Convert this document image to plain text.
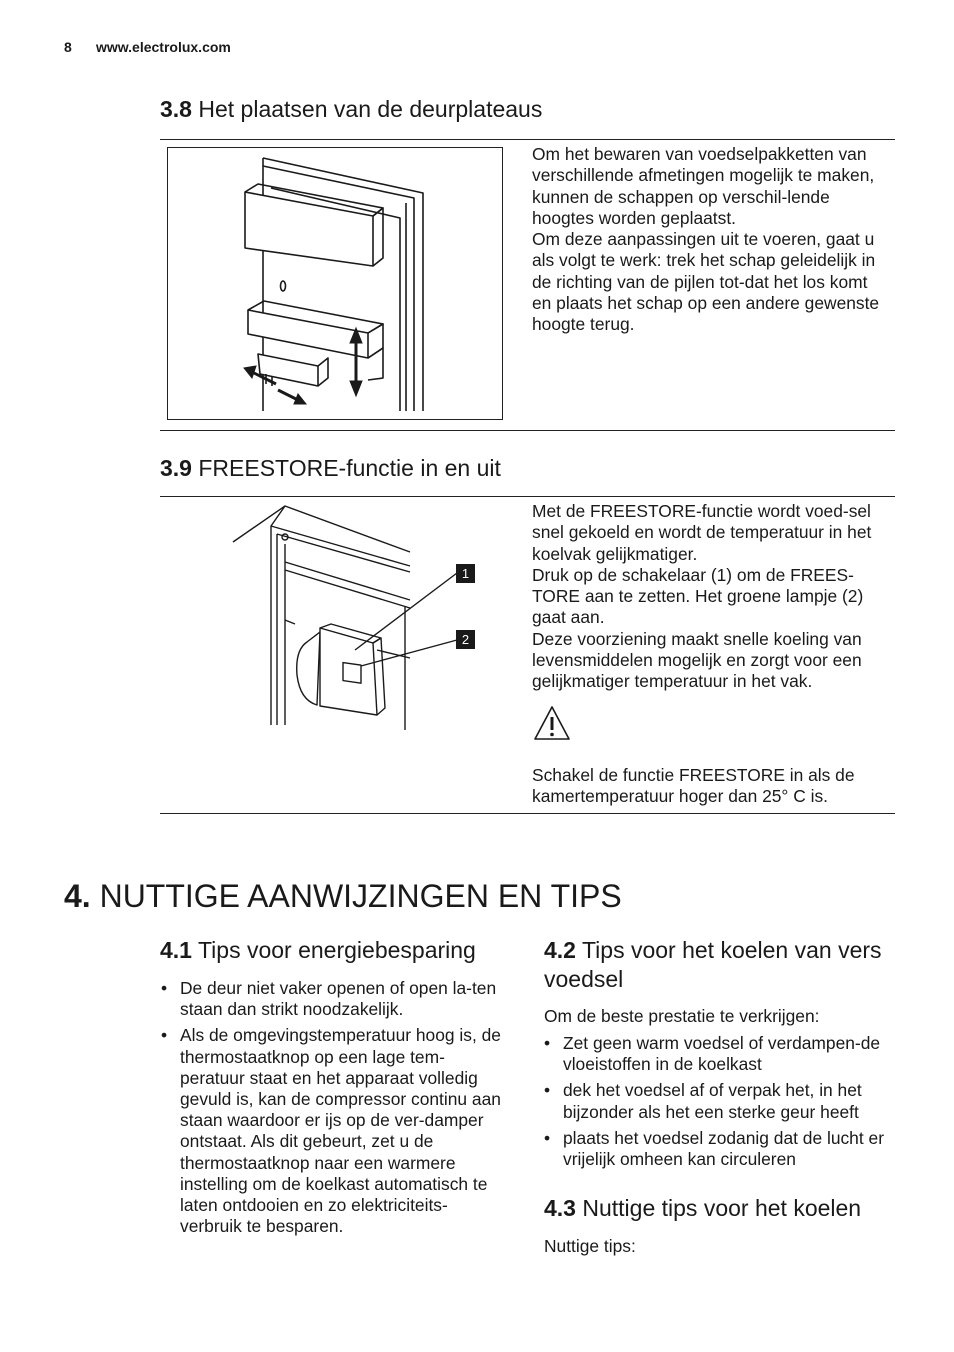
8 www.electrolux.com
3.8 Het plaatsen van de deurplateaus

Om het bewaren van voedselpakketten van verschillende afmetingen mogelijk te maken, kunnen de schappen op verschil-lende hoogtes worden geplaatst.

Om deze aanpassingen uit te voeren, gaat u als volgt te werk: trek het schap geleidelijk in de richting van de pijlen tot-dat het los komt en plaats het schap op een andere gewenste hoogte terug.

3.9 FREESTORE-functie in en uit
1
2

Met de FREESTORE-functie wordt voed-sel snel gekoeld en wordt de temperatuur in het koelvak gelijkmatiger.

Druk op de schakelaar (1) om de FREES-TORE aan te zetten. Het groene lampje (2) gaat aan.

Deze voorziening maakt snelle koeling van levensmiddelen mogelijk en zorgt voor een gelijkmatiger temperatuur in het vak.

Schakel de functie FREESTORE in als de kamertemperatuur hoger dan 25° C is.

4. NUTTIGE AANWIJZINGEN EN TIPS
4.1 Tips voor energiebesparing
• De deur niet vaker openen of open la-ten staan dan strikt noodzakelijk.
• Als de omgevingstemperatuur hoog is, de thermostaatknop op een lage tem-peratuur staat en het apparaat volledig gevuld is, kan de compressor continu aan staan waardoor er ijs op de ver-damper ontstaat. Als dit gebeurt, zet u de thermostaatknop naar een warmere instelling om de koelkast automatisch te laten ontdooien en zo elektriciteits-verbruik te besparen.
4.2 Tips voor het koelen van vers voedsel
Om de beste prestatie te verkrijgen:
• Zet geen warm voedsel of verdampen-de vloeistoffen in de koelkast
• dek het voedsel af of verpak het, in het bijzonder als het een sterke geur heeft
• plaats het voedsel zodanig dat de lucht er vrijelijk omheen kan circuleren
4.3 Nuttige tips voor het koelen
Nuttige tips:
